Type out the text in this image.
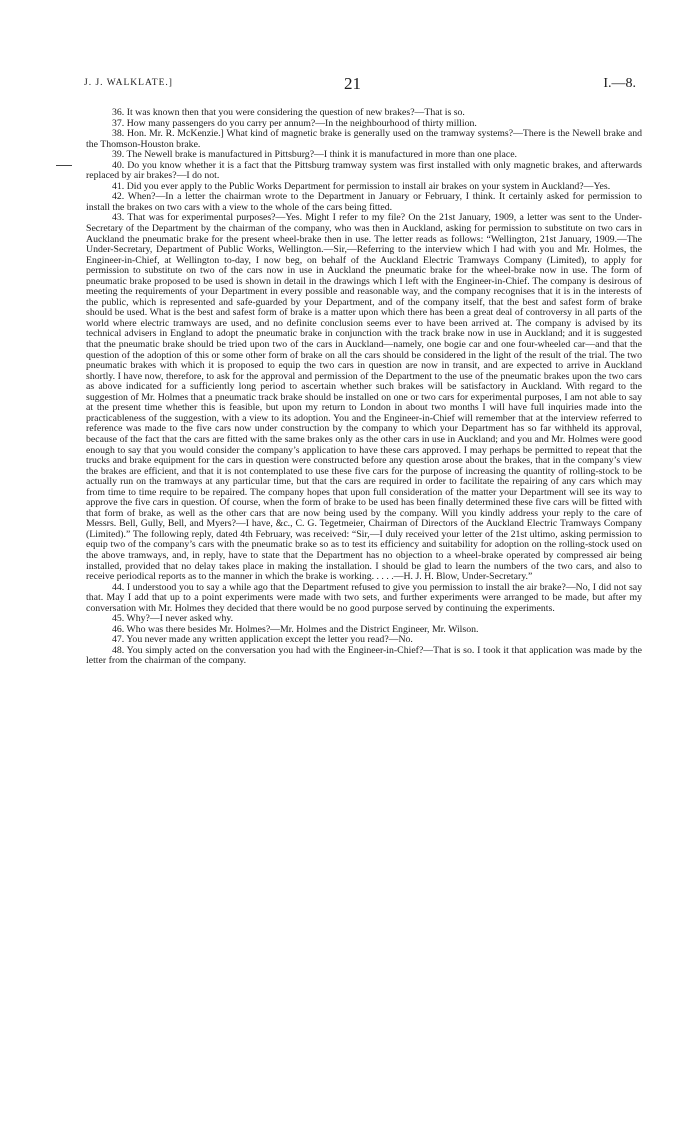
J. J. WALKLATE.]	21	I.—8.

36. It was known then that you were considering the question of new brakes?—That is so.

37. How many passengers do you carry per annum?—In the neighbourhood of thirty million.

38. Hon. Mr. R. McKenzie.] What kind of magnetic brake is generally used on the tramway systems?—There is the Newell brake and the Thomson-Houston brake.

39. The Newell brake is manufactured in Pittsburg?—I think it is manufactured in more than one place.

40. Do you know whether it is a fact that the Pittsburg tramway system was first installed with only magnetic brakes, and afterwards replaced by air brakes?—I do not.

41. Did you ever apply to the Public Works Department for permission to install air brakes on your system in Auckland?—Yes.

42. When?—In a letter the chairman wrote to the Department in January or February, I think. It certainly asked for permission to install the brakes on two cars with a view to the whole of the cars being fitted.

43. That was for experimental purposes?—Yes. Might I refer to my file? On the 21st January, 1909, a letter was sent to the Under-Secretary of the Department by the chairman of the company, who was then in Auckland, asking for permission to substitute on two cars in Auckland the pneumatic brake for the present wheel-brake then in use. The letter reads as follows: “Wellington, 21st January, 1909.—The Under-Secretary, Department of Public Works, Wellington.—Sir,—Referring to the interview which I had with you and Mr. Holmes, the Engineer-in-Chief, at Wellington to-day, I now beg, on behalf of the Auckland Electric Tramways Company (Limited), to apply for permission to substitute on two of the cars now in use in Auckland the pneumatic brake for the wheel-brake now in use. The form of pneumatic brake proposed to be used is shown in detail in the drawings which I left with the Engineer-in-Chief. The company is desirous of meeting the requirements of your Department in every possible and reasonable way, and the company recognises that it is in the interests of the public, which is represented and safe-guarded by your Department, and of the company itself, that the best and safest form of brake should be used. What is the best and safest form of brake is a matter upon which there has been a great deal of controversy in all parts of the world where electric tramways are used, and no definite conclusion seems ever to have been arrived at. The company is advised by its technical advisers in England to adopt the pneumatic brake in conjunction with the track brake now in use in Auckland; and it is suggested that the pneumatic brake should be tried upon two of the cars in Auckland—namely, one bogie car and one four-wheeled car—and that the question of the adoption of this or some other form of brake on all the cars should be considered in the light of the result of the trial. The two pneumatic brakes with which it is proposed to equip the two cars in question are now in transit, and are expected to arrive in Auckland shortly. I have now, therefore, to ask for the approval and permission of the Department to the use of the pneumatic brakes upon the two cars as above indicated for a sufficiently long period to ascertain whether such brakes will be satisfactory in Auckland. With regard to the suggestion of Mr. Holmes that a pneumatic track brake should be installed on one or two cars for experimental purposes, I am not able to say at the present time whether this is feasible, but upon my return to London in about two months I will have full inquiries made into the practicableness of the suggestion, with a view to its adoption. You and the Engineer-in-Chief will remember that at the interview referred to reference was made to the five cars now under construction by the company to which your Department has so far withheld its approval, because of the fact that the cars are fitted with the same brakes only as the other cars in use in Auckland; and you and Mr. Holmes were good enough to say that you would consider the company’s application to have these cars approved. I may perhaps be permitted to repeat that the trucks and brake equipment for the cars in question were constructed before any question arose about the brakes, that in the company’s view the brakes are efficient, and that it is not contemplated to use these five cars for the purpose of increasing the quantity of rolling-stock to be actually run on the tramways at any particular time, but that the cars are required in order to facilitate the repairing of any cars which may from time to time require to be repaired. The company hopes that upon full consideration of the matter your Department will see its way to approve the five cars in question. Of course, when the form of brake to be used has been finally determined these five cars will be fitted with that form of brake, as well as the other cars that are now being used by the company. Will you kindly address your reply to the care of Messrs. Bell, Gully, Bell, and Myers?—I have, &c., C. G. Tegetmeier, Chairman of Directors of the Auckland Electric Tramways Company (Limited).” The following reply, dated 4th February, was received: “Sir,—I duly received your letter of the 21st ultimo, asking permission to equip two of the company’s cars with the pneumatic brake so as to test its efficiency and suitability for adoption on the rolling-stock used on the above tramways, and, in reply, have to state that the Department has no objection to a wheel-brake operated by compressed air being installed, provided that no delay takes place in making the installation. I should be glad to learn the numbers of the two cars, and also to receive periodical reports as to the manner in which the brake is working. . . . .—H. J. H. Blow, Under-Secretary.”

44. I understood you to say a while ago that the Department refused to give you permission to install the air brake?—No, I did not say that. May I add that up to a point experiments were made with two sets, and further experiments were arranged to be made, but after my conversation with Mr. Holmes they decided that there would be no good purpose served by continuing the experiments.

45. Why?—I never asked why.

46. Who was there besides Mr. Holmes?—Mr. Holmes and the District Engineer, Mr. Wilson.

47. You never made any written application except the letter you read?—No.

48. You simply acted on the conversation you had with the Engineer-in-Chief?—That is so. I took it that application was made by the letter from the chairman of the company.
